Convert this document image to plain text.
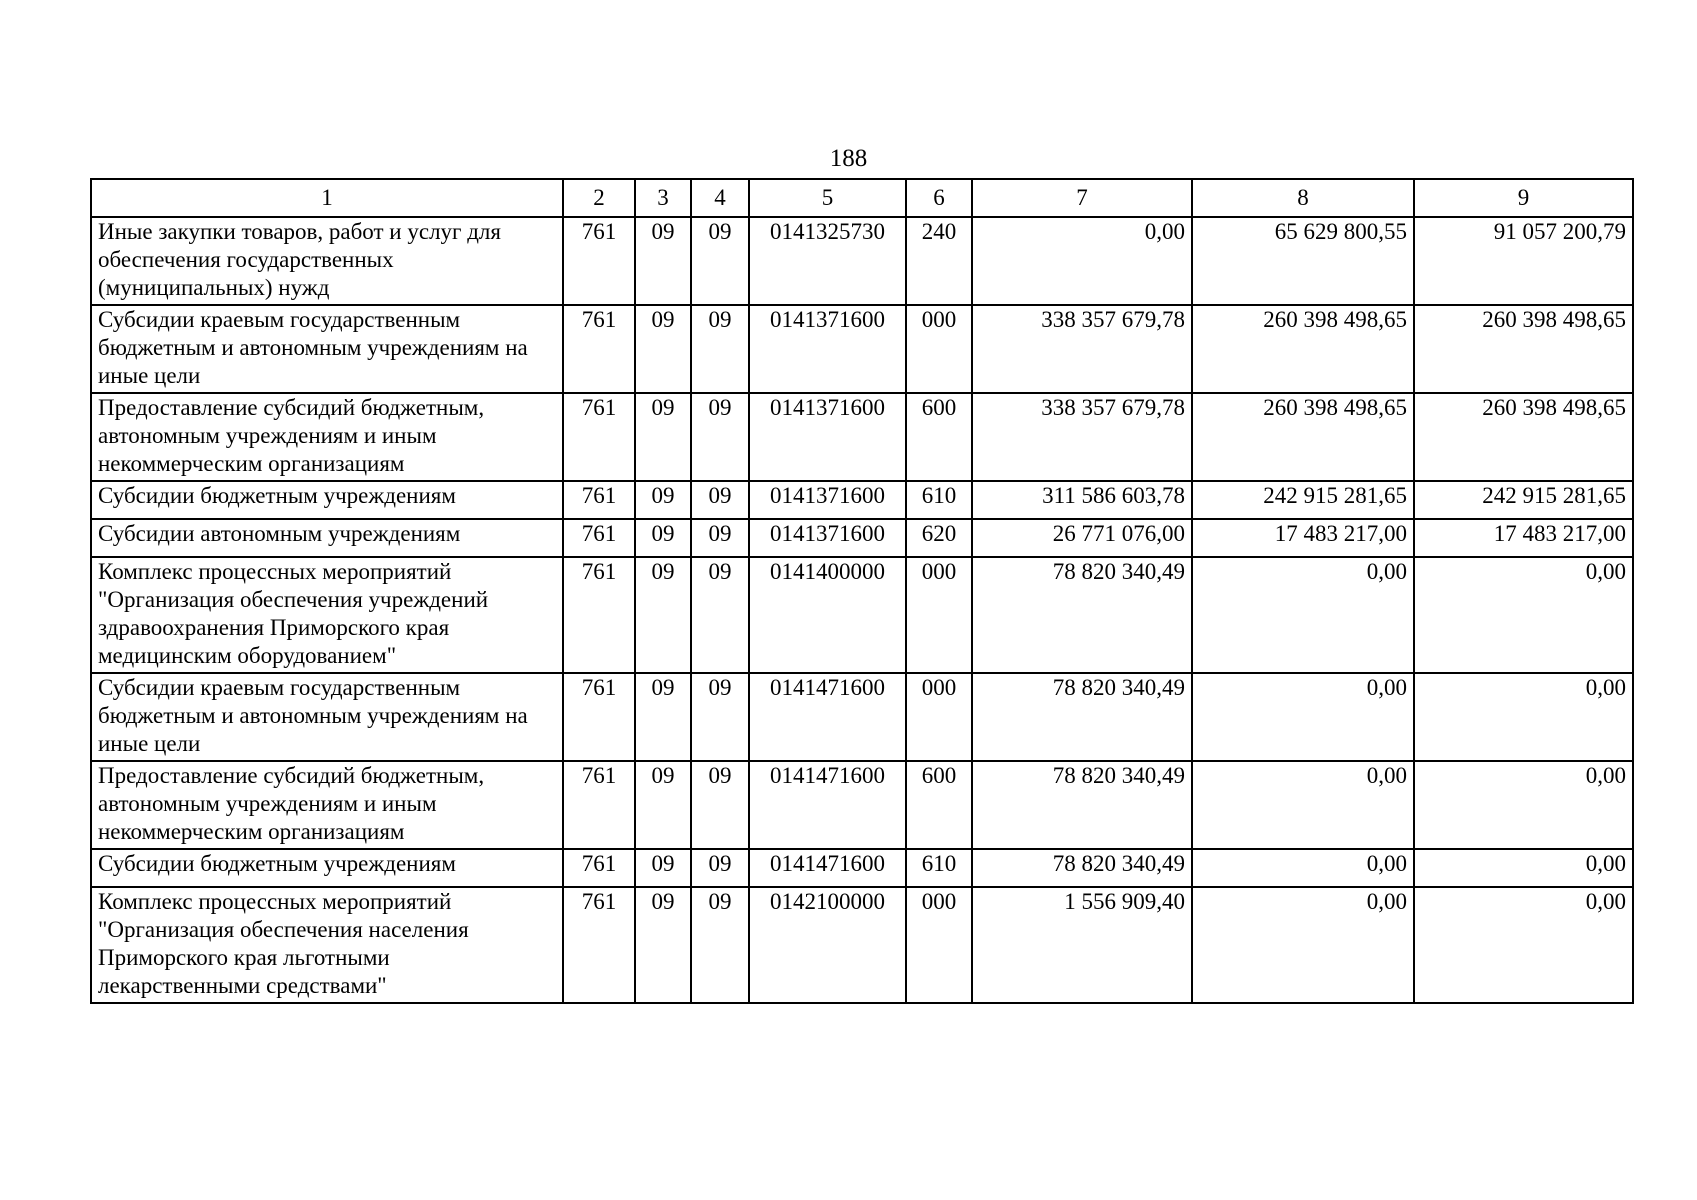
188
1	2	3	4	5	6	7	8	9
Иные закупки товаров, работ и услуг для обеспечения государственных (муниципальных) нужд	761	09	09	0141325730	240	0,00	65 629 800,55	91 057 200,79
Субсидии краевым государственным бюджетным и автономным учреждениям на иные цели	761	09	09	0141371600	000	338 357 679,78	260 398 498,65	260 398 498,65
Предоставление субсидий бюджетным, автономным учреждениям и иным некоммерческим организациям	761	09	09	0141371600	600	338 357 679,78	260 398 498,65	260 398 498,65
Субсидии бюджетным учреждениям	761	09	09	0141371600	610	311 586 603,78	242 915 281,65	242 915 281,65
Субсидии автономным учреждениям	761	09	09	0141371600	620	26 771 076,00	17 483 217,00	17 483 217,00
Комплекс процессных мероприятий "Организация обеспечения учреждений здравоохранения Приморского края медицинским оборудованием"	761	09	09	0141400000	000	78 820 340,49	0,00	0,00
Субсидии краевым государственным бюджетным и автономным учреждениям на иные цели	761	09	09	0141471600	000	78 820 340,49	0,00	0,00
Предоставление субсидий бюджетным, автономным учреждениям и иным некоммерческим организациям	761	09	09	0141471600	600	78 820 340,49	0,00	0,00
Субсидии бюджетным учреждениям	761	09	09	0141471600	610	78 820 340,49	0,00	0,00
Комплекс процессных мероприятий "Организация обеспечения населения Приморского края льготными лекарственными средствами"	761	09	09	0142100000	000	1 556 909,40	0,00	0,00
